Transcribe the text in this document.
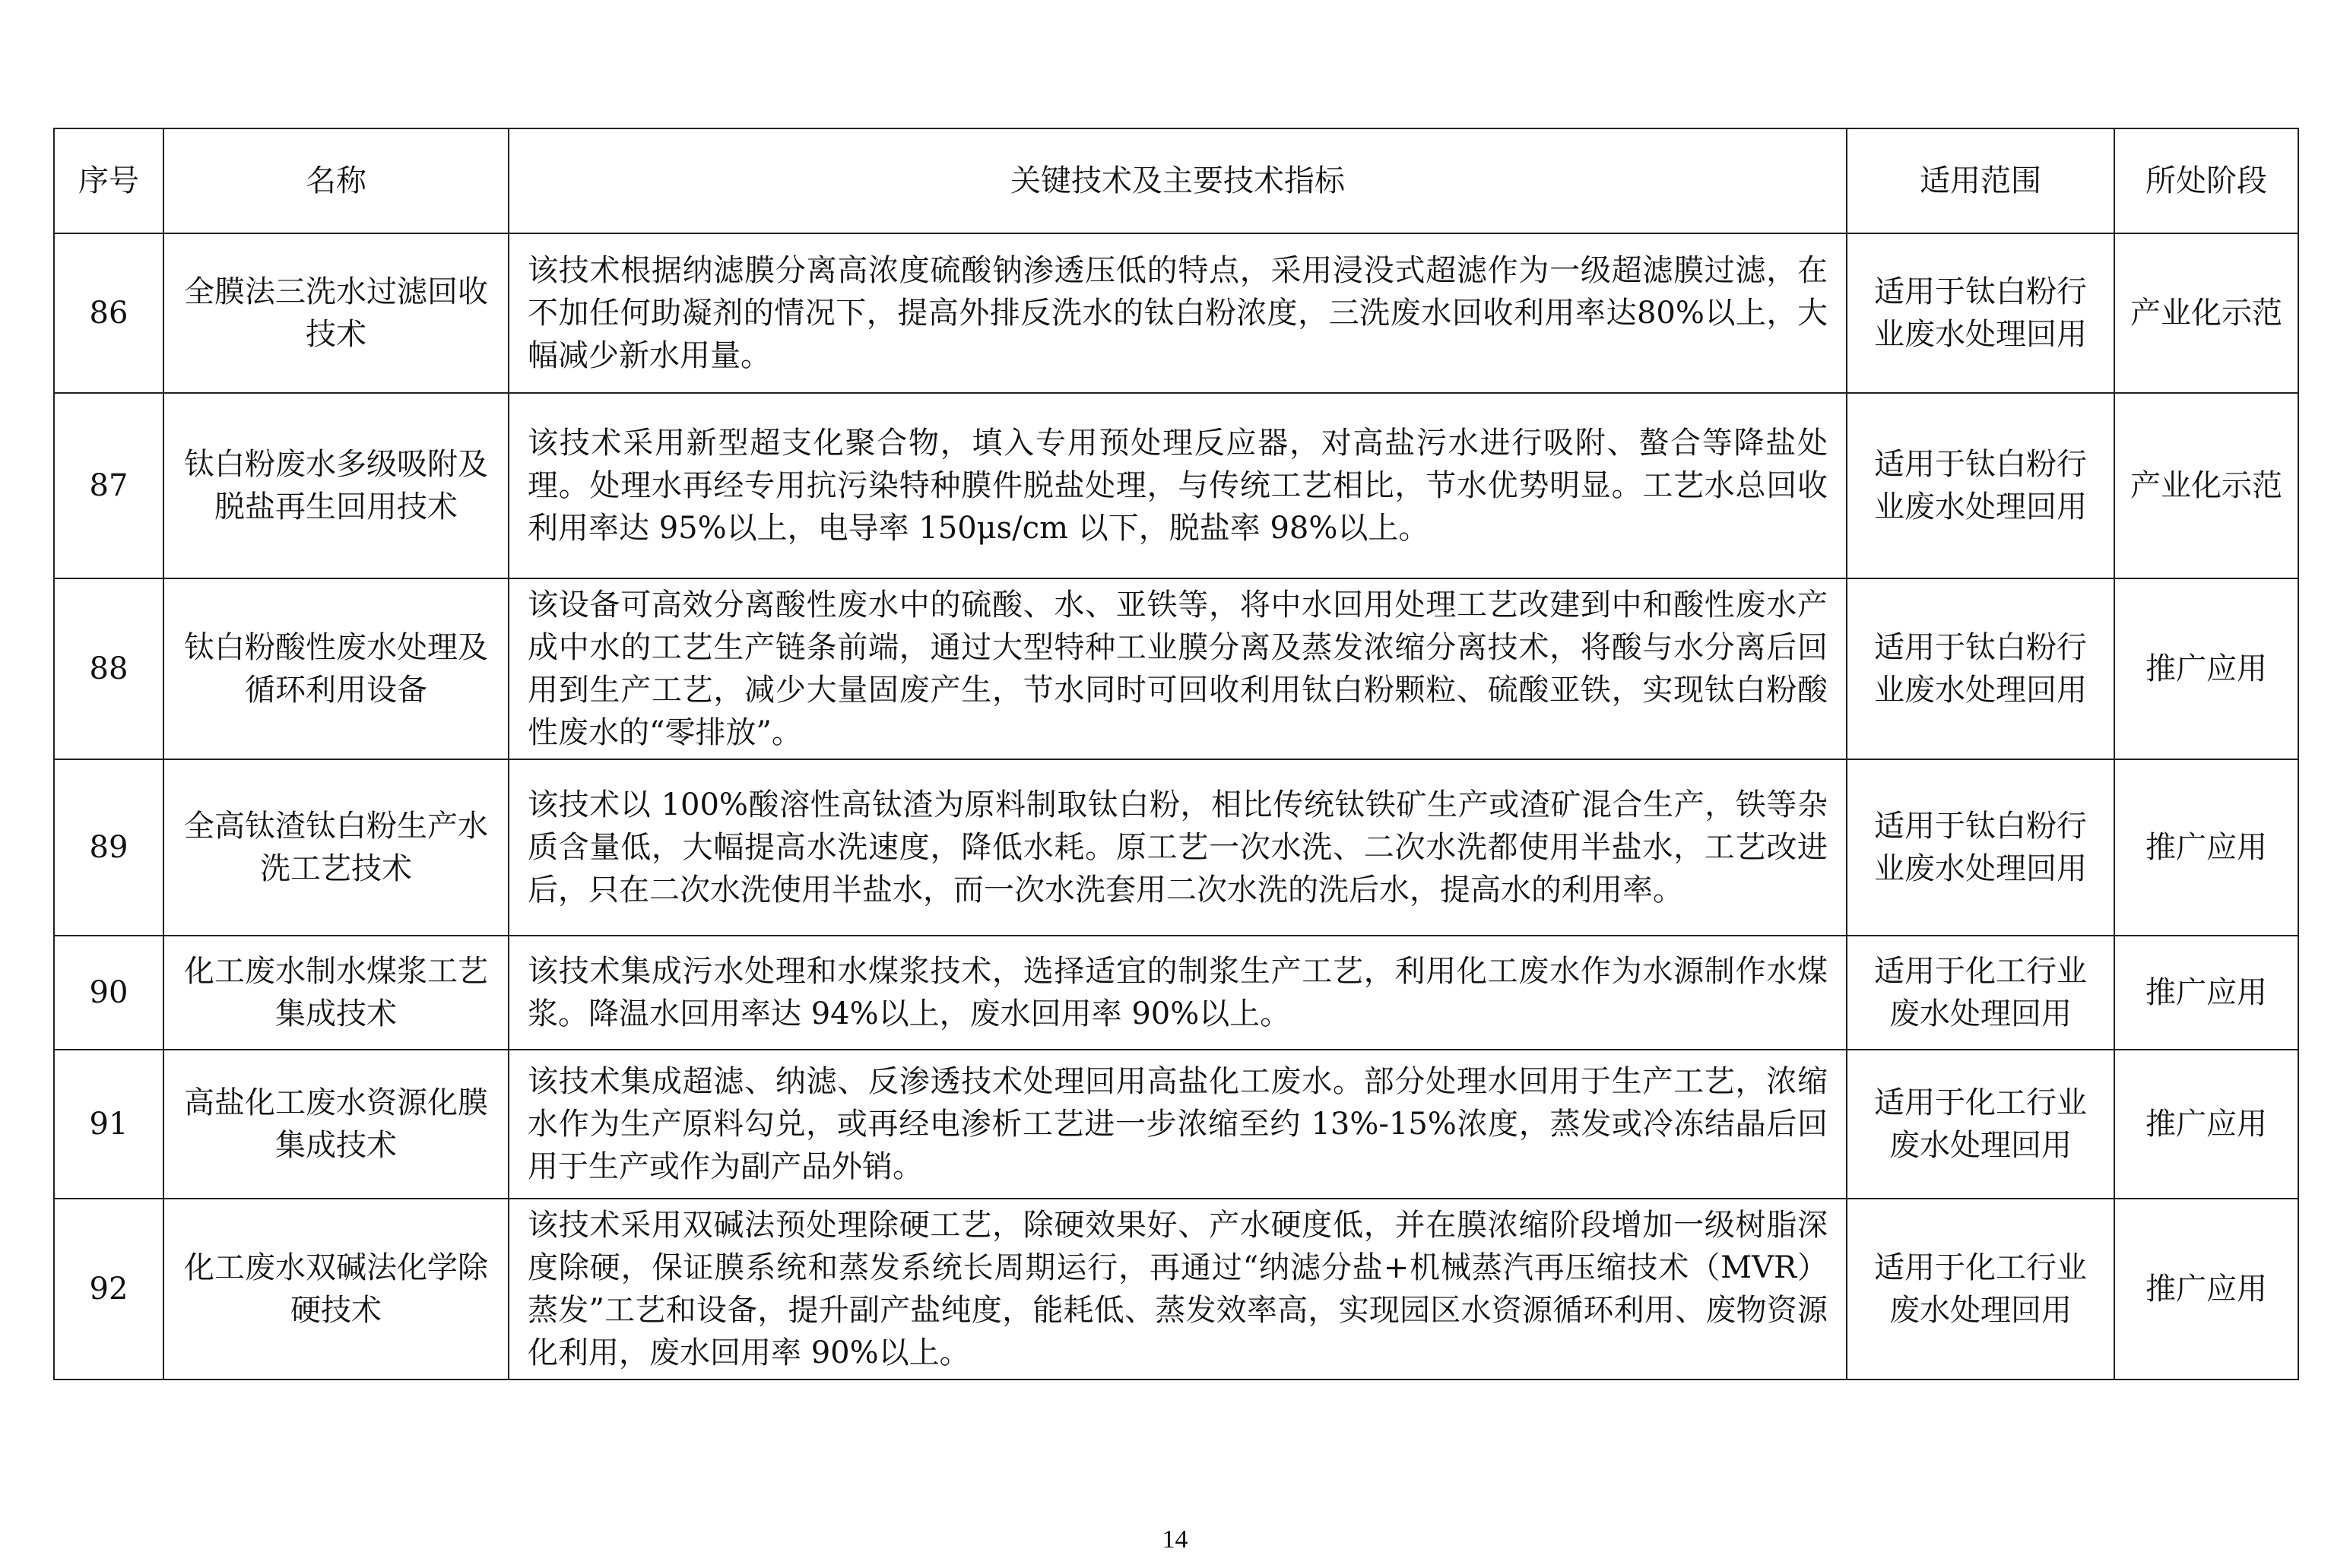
序号	名称	关键技术及主要技术指标	适用范围	所处阶段
86	全膜法三洗水过滤回收技术	该技术根据纳滤膜分离高浓度硫酸钠渗透压低的特点，采用浸没式超滤作为一级超滤膜过滤，在不加任何助凝剂的情况下，提高外排反洗水的钛白粉浓度，三洗废水回收利用率达80%以上，大幅减少新水用量。	适用于钛白粉行业废水处理回用	产业化示范
87	钛白粉废水多级吸附及脱盐再生回用技术	该技术采用新型超支化聚合物，填入专用预处理反应器，对高盐污水进行吸附、螯合等降盐处理。处理水再经专用抗污染特种膜件脱盐处理，与传统工艺相比，节水优势明显。工艺水总回收利用率达 95%以上，电导率 150μs/cm 以下，脱盐率 98%以上。	适用于钛白粉行业废水处理回用	产业化示范
88	钛白粉酸性废水处理及循环利用设备	该设备可高效分离酸性废水中的硫酸、水、亚铁等，将中水回用处理工艺改建到中和酸性废水产成中水的工艺生产链条前端，通过大型特种工业膜分离及蒸发浓缩分离技术，将酸与水分离后回用到生产工艺，减少大量固废产生，节水同时可回收利用钛白粉颗粒、硫酸亚铁，实现钛白粉酸性废水的“零排放”。	适用于钛白粉行业废水处理回用	推广应用
89	全高钛渣钛白粉生产水洗工艺技术	该技术以 100%酸溶性高钛渣为原料制取钛白粉，相比传统钛铁矿生产或渣矿混合生产，铁等杂质含量低，大幅提高水洗速度，降低水耗。原工艺一次水洗、二次水洗都使用半盐水，工艺改进后，只在二次水洗使用半盐水，而一次水洗套用二次水洗的洗后水，提高水的利用率。	适用于钛白粉行业废水处理回用	推广应用
90	化工废水制水煤浆工艺集成技术	该技术集成污水处理和水煤浆技术，选择适宜的制浆生产工艺，利用化工废水作为水源制作水煤浆。降温水回用率达 94%以上，废水回用率 90%以上。	适用于化工行业废水处理回用	推广应用
91	高盐化工废水资源化膜集成技术	该技术集成超滤、纳滤、反渗透技术处理回用高盐化工废水。部分处理水回用于生产工艺，浓缩水作为生产原料勾兑，或再经电渗析工艺进一步浓缩至约 13%-15%浓度，蒸发或冷冻结晶后回用于生产或作为副产品外销。	适用于化工行业废水处理回用	推广应用
92	化工废水双碱法化学除硬技术	该技术采用双碱法预处理除硬工艺，除硬效果好、产水硬度低，并在膜浓缩阶段增加一级树脂深度除硬，保证膜系统和蒸发系统长周期运行，再通过“纳滤分盐+机械蒸汽再压缩技术（MVR）蒸发”工艺和设备，提升副产盐纯度，能耗低、蒸发效率高，实现园区水资源循环利用、废物资源化利用，废水回用率 90%以上。	适用于化工行业废水处理回用	推广应用
14
